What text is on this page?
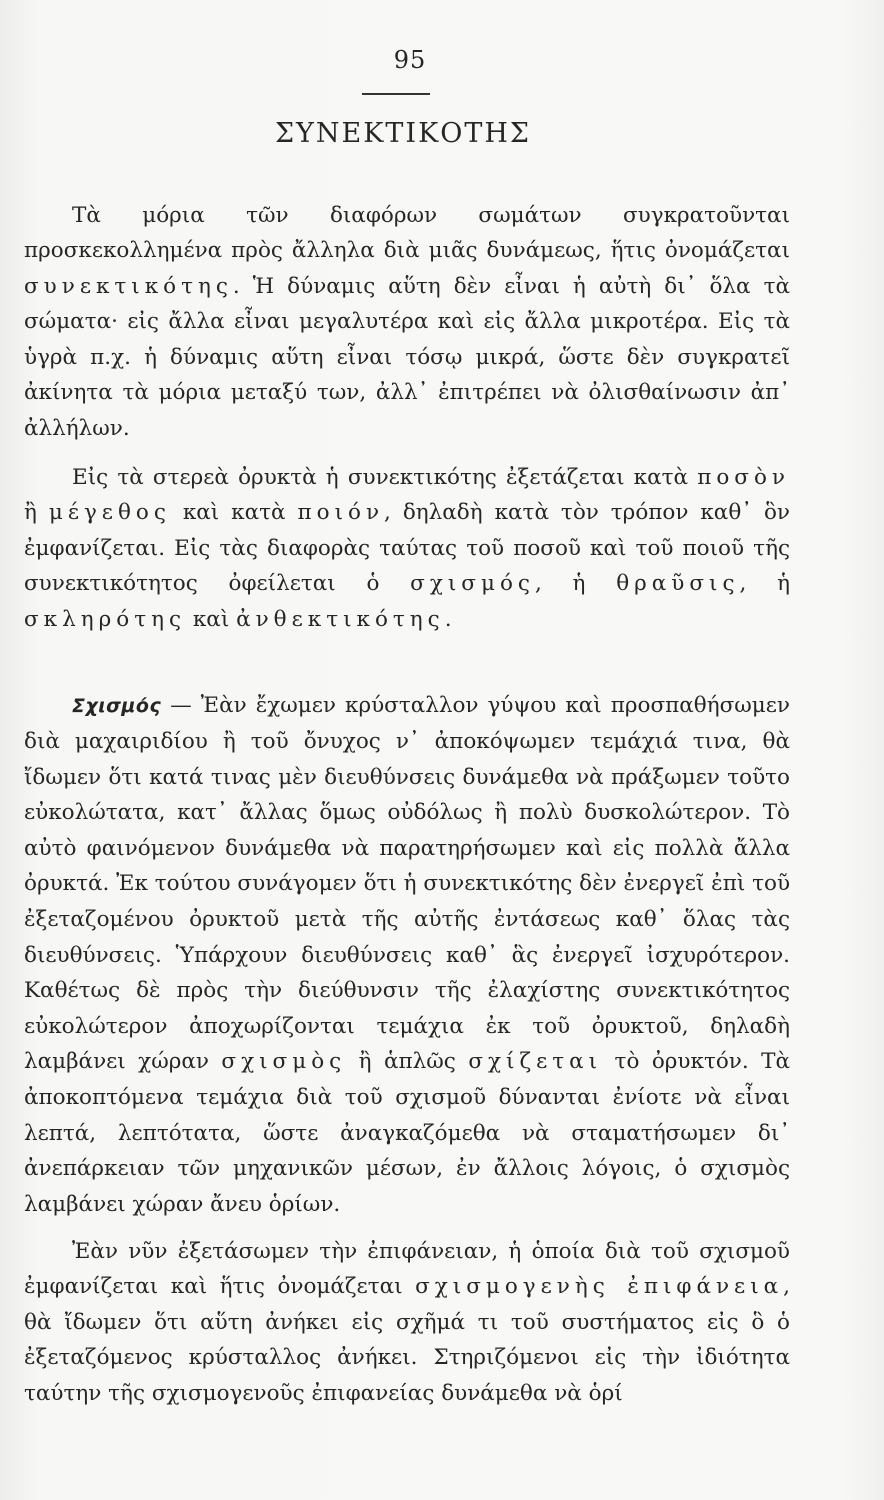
95
ΣΥΝΕΚΤΙΚΟΤΗΣ

Τὰ μόρια τῶν διαφόρων σωμάτων συγκρατοῦνται προσκεκολλημένα πρὸς ἄλληλα διὰ μιᾶς δυνάμεως, ἥτις ὀνομάζεται συνεκτικότης. Ἡ δύναμις αὕτη δὲν εἶναι ἡ αὐτὴ δι᾽ ὅλα τὰ σώματα· εἰς ἄλλα εἶναι μεγαλυτέρα καὶ εἰς ἄλλα μικροτέρα. Εἰς τὰ ὑγρὰ π.χ. ἡ δύναμις αὕτη εἶναι τόσῳ μικρά, ὥστε δὲν συγκρατεῖ ἀκίνητα τὰ μόρια μεταξύ των, ἀλλ᾽ ἐπιτρέπει νὰ ὀλισθαίνωσιν ἀπ᾽ ἀλλήλων.

Εἰς τὰ στερεὰ ὀρυκτὰ ἡ συνεκτικότης ἐξετάζεται κατὰ ποσὸν ἢ μέγεθος καὶ κατὰ ποιόν, δηλαδὴ κατὰ τὸν τρόπον καθ᾽ ὃν ἐμφανίζεται. Εἰς τὰς διαφορὰς ταύτας τοῦ ποσοῦ καὶ τοῦ ποιοῦ τῆς συνεκτικότητος ὀφείλεται ὁ σχισμός, ἡ θραῦσις, ἡ σκληρότης καὶ ἀνθεκτικότης.

Σχισμός — Ἐὰν ἔχωμεν κρύσταλλον γύψου καὶ προσπαθήσωμεν διὰ μαχαιριδίου ἢ τοῦ ὄνυχος ν᾽ ἀποκόψωμεν τεμάχιά τινα, θὰ ἴδωμεν ὅτι κατά τινας μὲν διευθύνσεις δυνάμεθα νὰ πράξωμεν τοῦτο εὐκολώτατα, κατ᾽ ἄλλας ὅμως οὐδόλως ἢ πολὺ δυσκολώτερον. Τὸ αὐτὸ φαινόμενον δυνάμεθα νὰ παρατηρήσωμεν καὶ εἰς πολλὰ ἄλλα ὀρυκτά. Ἐκ τούτου συνάγομεν ὅτι ἡ συνεκτικότης δὲν ἐνεργεῖ ἐπὶ τοῦ ἐξεταζομένου ὀρυκτοῦ μετὰ τῆς αὐτῆς ἐντάσεως καθ᾽ ὅλας τὰς διευθύνσεις. Ὑπάρχουν διευθύνσεις καθ᾽ ἃς ἐνεργεῖ ἰσχυρότερον. Καθέτως δὲ πρὸς τὴν διεύθυνσιν τῆς ἐλαχίστης συνεκτικότητος εὐκολώτερον ἀποχωρίζονται τεμάχια ἐκ τοῦ ὀρυκτοῦ, δηλαδὴ λαμβάνει χώραν σχισμὸς ἢ ἁπλῶς σχίζεται τὸ ὀρυκτόν. Τὰ ἀποκοπτόμενα τεμάχια διὰ τοῦ σχισμοῦ δύνανται ἐνίοτε νὰ εἶναι λεπτά, λεπτότατα, ὥστε ἀναγκαζόμεθα νὰ σταματήσωμεν δι᾽ ἀνεπάρκειαν τῶν μηχανικῶν μέσων, ἐν ἄλλοις λόγοις, ὁ σχισμὸς λαμβάνει χώραν ἄνευ ὁρίων.

Ἐὰν νῦν ἐξετάσωμεν τὴν ἐπιφάνειαν, ἡ ὁποία διὰ τοῦ σχισμοῦ ἐμφανίζεται καὶ ἥτις ὀνομάζεται σχισμογενὴς ἐπιφάνεια, θὰ ἴδωμεν ὅτι αὕτη ἀνήκει εἰς σχῆμά τι τοῦ συστήματος εἰς ὃ ὁ ἐξεταζόμενος κρύσταλλος ἀνήκει. Στηριζόμενοι εἰς τὴν ἰδιότητα ταύτην τῆς σχισμογενοῦς ἐπιφανείας δυνάμεθα νὰ ὁρί
